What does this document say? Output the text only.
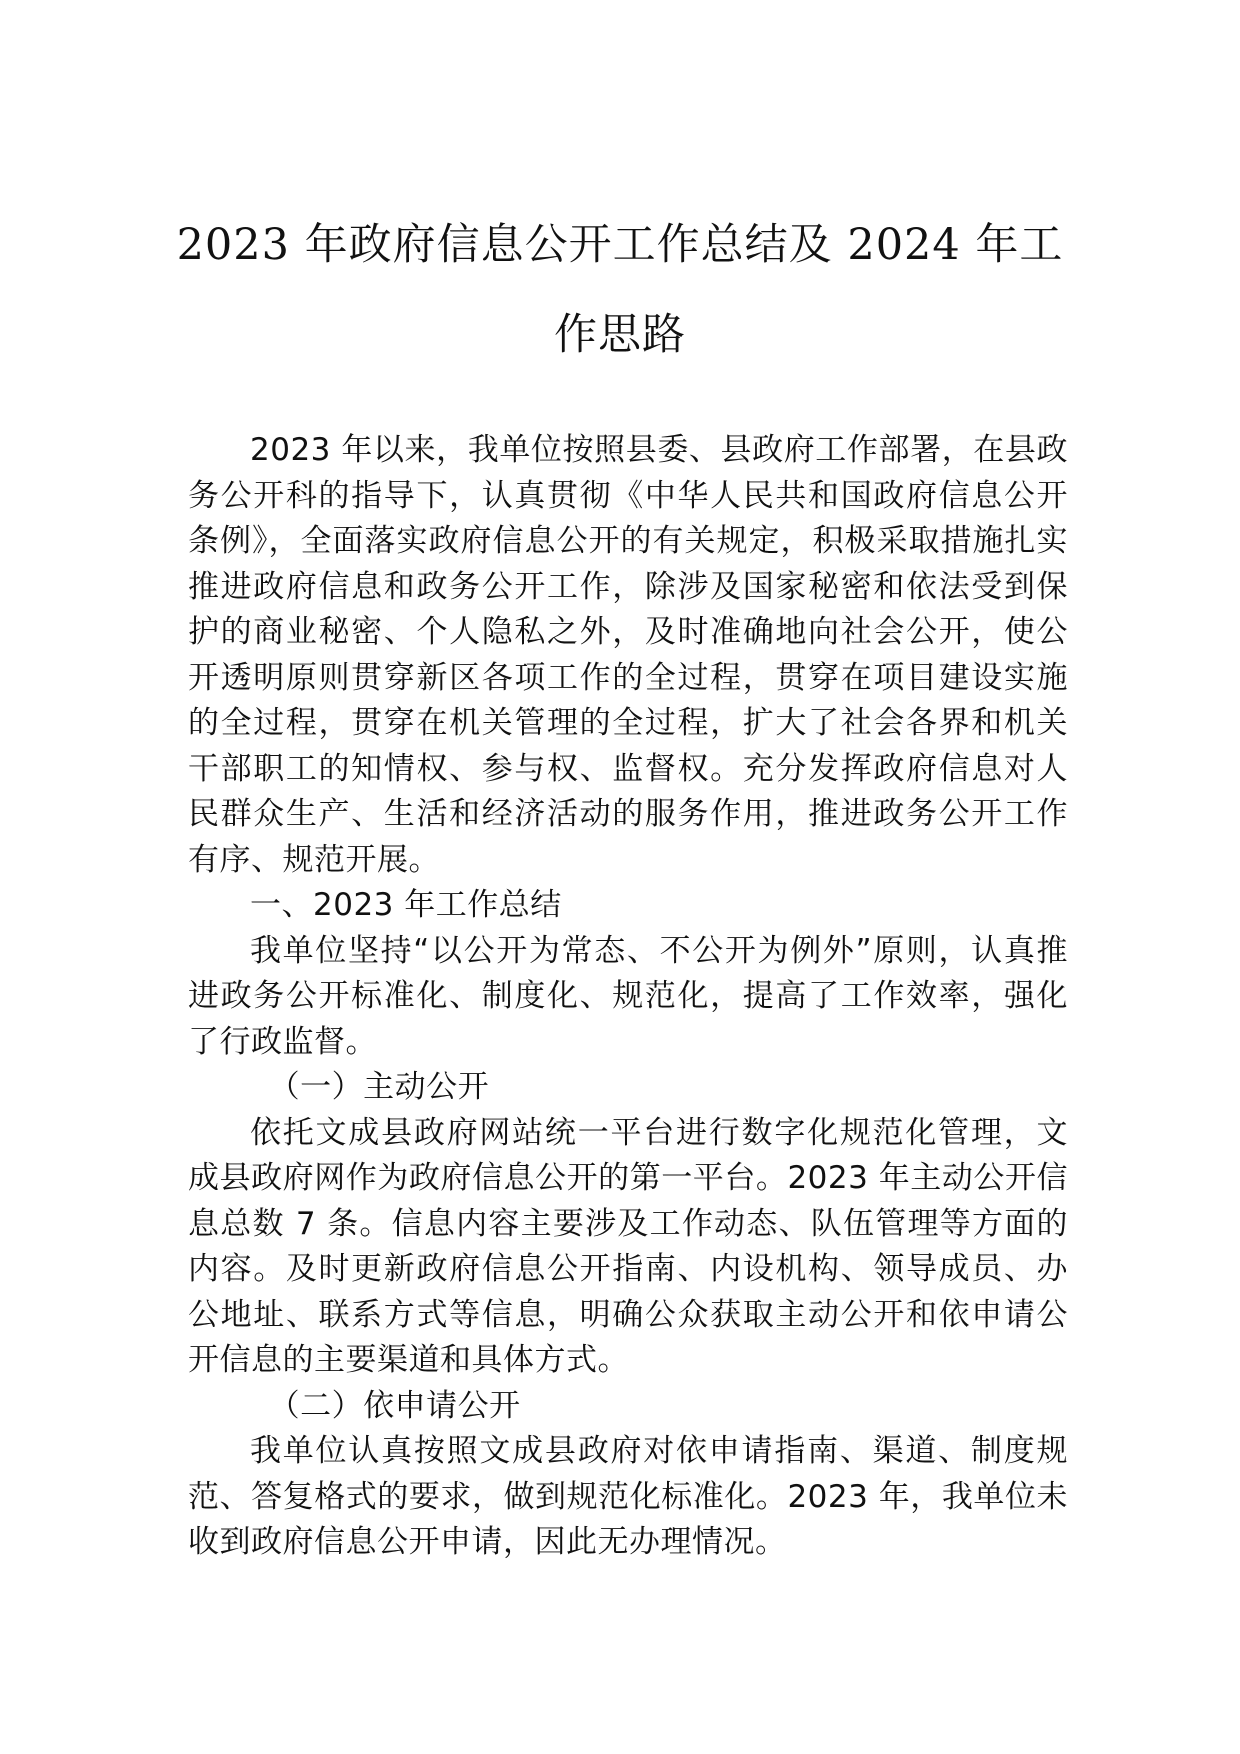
2023 年政府信息公开工作总结及 2024 年工
作思路

2023 年以来，我单位按照县委、县政府工作部署，在县政务公开科的指导下，认真贯彻《中华人民共和国政府信息公开条例》，全面落实政府信息公开的有关规定，积极采取措施扎实推进政府信息和政务公开工作，除涉及国家秘密和依法受到保护的商业秘密、个人隐私之外，及时准确地向社会公开，使公开透明原则贯穿新区各项工作的全过程，贯穿在项目建设实施的全过程，贯穿在机关管理的全过程，扩大了社会各界和机关干部职工的知情权、参与权、监督权。充分发挥政府信息对人民群众生产、生活和经济活动的服务作用，推进政务公开工作有序、规范开展。

一、2023 年工作总结

我单位坚持“以公开为常态、不公开为例外”原则，认真推进政务公开标准化、制度化、规范化，提高了工作效率，强化了行政监督。

（一）主动公开

依托文成县政府网站统一平台进行数字化规范化管理，文成县政府网作为政府信息公开的第一平台。2023 年主动公开信息总数 7 条。信息内容主要涉及工作动态、队伍管理等方面的内容。及时更新政府信息公开指南、内设机构、领导成员、办公地址、联系方式等信息，明确公众获取主动公开和依申请公开信息的主要渠道和具体方式。

（二）依申请公开

我单位认真按照文成县政府对依申请指南、渠道、制度规范、答复格式的要求，做到规范化标准化。2023 年，我单位未收到政府信息公开申请，因此无办理情况。
